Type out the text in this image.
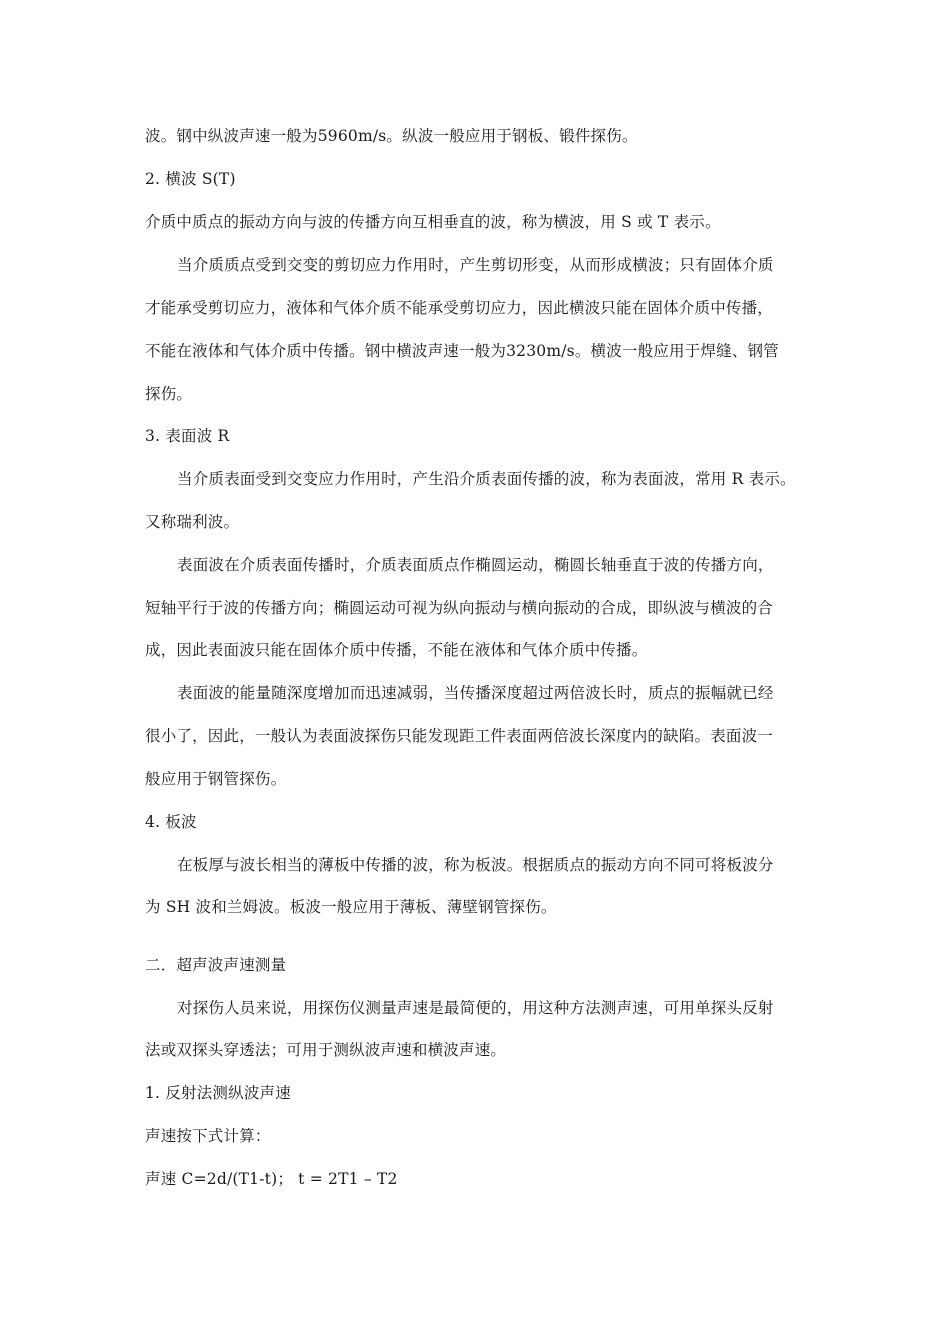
波。钢中纵波声速一般为5960m/s。纵波一般应用于钢板、锻件探伤。
2. 横波 S(T)
介质中质点的振动方向与波的传播方向互相垂直的波，称为横波，用 S 或 T 表示。
当介质质点受到交变的剪切应力作用时，产生剪切形变，从而形成横波；只有固体介质
才能承受剪切应力，液体和气体介质不能承受剪切应力，因此横波只能在固体介质中传播，
不能在液体和气体介质中传播。钢中横波声速一般为3230m/s。横波一般应用于焊缝、钢管
探伤。
3. 表面波 R
当介质表面受到交变应力作用时，产生沿介质表面传播的波，称为表面波，常用 R 表示。
又称瑞利波。
表面波在介质表面传播时，介质表面质点作椭圆运动，椭圆长轴垂直于波的传播方向，
短轴平行于波的传播方向；椭圆运动可视为纵向振动与横向振动的合成，即纵波与横波的合
成，因此表面波只能在固体介质中传播，不能在液体和气体介质中传播。
表面波的能量随深度增加而迅速减弱，当传播深度超过两倍波长时，质点的振幅就已经
很小了，因此，一般认为表面波探伤只能发现距工件表面两倍波长深度内的缺陷。表面波一
般应用于钢管探伤。
4. 板波
在板厚与波长相当的薄板中传播的波，称为板波。根据质点的振动方向不同可将板波分
为 SH 波和兰姆波。板波一般应用于薄板、薄壁钢管探伤。
二．超声波声速测量
对探伤人员来说，用探伤仪测量声速是最简便的，用这种方法测声速，可用单探头反射
法或双探头穿透法；可用于测纵波声速和横波声速。
1. 反射法测纵波声速
声速按下式计算：
声速 C=2d/(T1-t)； t = 2T1 – T2
